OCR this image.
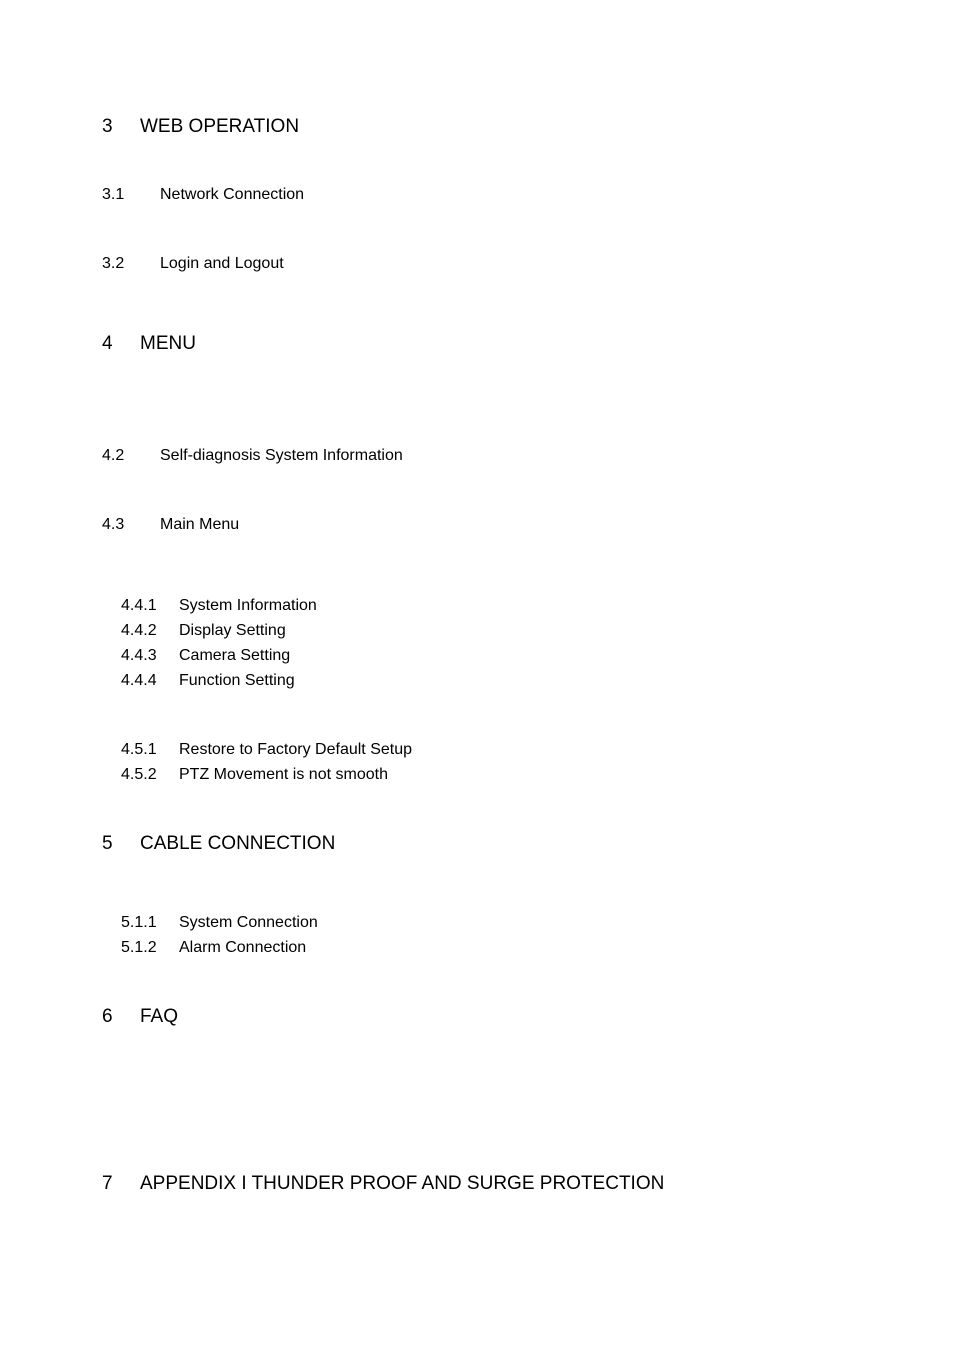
3 WEB OPERATION
3.1 Network Connection
3.2 Login and Logout
4 MENU
4.2 Self-diagnosis System Information
4.3 Main Menu
4.4.1 System Information
4.4.2 Display Setting
4.4.3 Camera Setting
4.4.4 Function Setting
4.5.1 Restore to Factory Default Setup
4.5.2 PTZ Movement is not smooth
5 CABLE CONNECTION
5.1.1 System Connection
5.1.2 Alarm Connection
6 FAQ
7 APPENDIX I THUNDER PROOF AND SURGE PROTECTION
